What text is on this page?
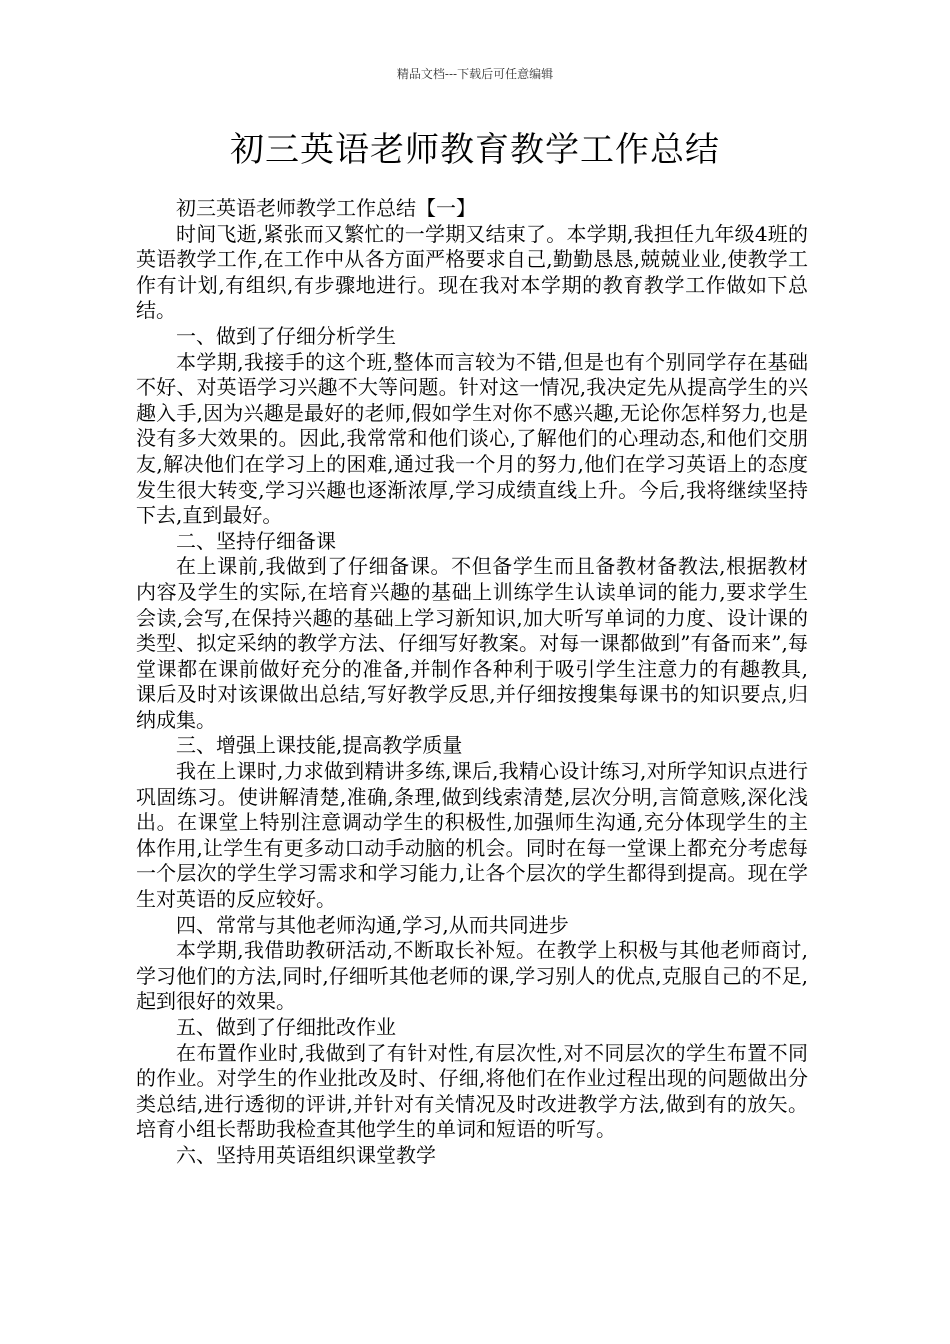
精品文档---下载后可任意编辑
初三英语老师教育教学工作总结

初三英语老师教学工作总结【一】

时间飞逝,紧张而又繁忙的一学期又结束了。本学期,我担任九年级4班的英语教学工作,在工作中从各方面严格要求自己,勤勤恳恳,兢兢业业,使教学工作有计划,有组织,有步骤地进行。现在我对本学期的教育教学工作做如下总结。

一、做到了仔细分析学生

本学期,我接手的这个班,整体而言较为不错,但是也有个别同学存在基础不好、对英语学习兴趣不大等问题。针对这一情况,我决定先从提高学生的兴趣入手,因为兴趣是最好的老师,假如学生对你不感兴趣,无论你怎样努力,也是没有多大效果的。因此,我常常和他们谈心,了解他们的心理动态,和他们交朋友,解决他们在学习上的困难,通过我一个月的努力,他们在学习英语上的态度发生很大转变,学习兴趣也逐渐浓厚,学习成绩直线上升。今后,我将继续坚持下去,直到最好。

二、坚持仔细备课

在上课前,我做到了仔细备课。不但备学生而且备教材备教法,根据教材内容及学生的实际,在培育兴趣的基础上训练学生认读单词的能力,要求学生会读,会写,在保持兴趣的基础上学习新知识,加大听写单词的力度、设计课的类型、拟定采纳的教学方法、仔细写好教案。对每一课都做到”有备而来”,每堂课都在课前做好充分的准备,并制作各种利于吸引学生注意力的有趣教具,课后及时对该课做出总结,写好教学反思,并仔细按搜集每课书的知识要点,归纳成集。

三、增强上课技能,提高教学质量

我在上课时,力求做到精讲多练,课后,我精心设计练习,对所学知识点进行巩固练习。使讲解清楚,准确,条理,做到线索清楚,层次分明,言简意赅,深化浅出。在课堂上特别注意调动学生的积极性,加强师生沟通,充分体现学生的主体作用,让学生有更多动口动手动脑的机会。同时在每一堂课上都充分考虑每一个层次的学生学习需求和学习能力,让各个层次的学生都得到提高。现在学生对英语的反应较好。

四、常常与其他老师沟通,学习,从而共同进步

本学期,我借助教研活动,不断取长补短。在教学上积极与其他老师商讨,学习他们的方法,同时,仔细听其他老师的课,学习别人的优点,克服自己的不足,起到很好的效果。

五、做到了仔细批改作业

在布置作业时,我做到了有针对性,有层次性,对不同层次的学生布置不同的作业。对学生的作业批改及时、仔细,将他们在作业过程出现的问题做出分类总结,进行透彻的评讲,并针对有关情况及时改进教学方法,做到有的放矢。培育小组长帮助我检查其他学生的单词和短语的听写。

六、坚持用英语组织课堂教学
